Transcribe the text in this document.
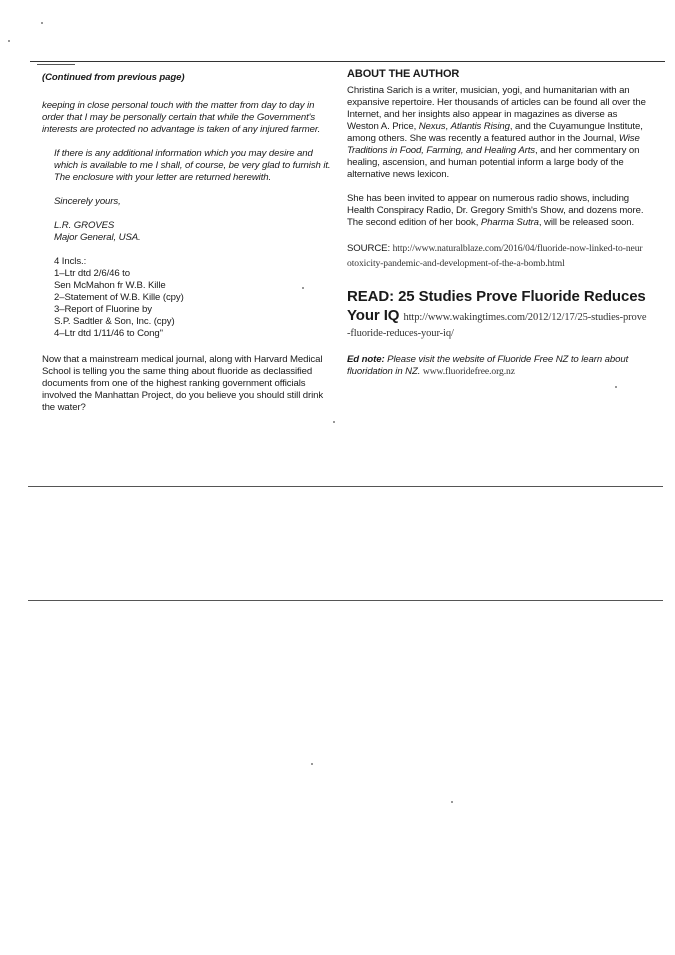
(Continued from previous page)

keeping in close personal touch with the matter from day to day in order that I may be personally certain that while the Government's interests are protected no advantage is taken of any injured farmer.

If there is any additional information which you may desire and which is available to me I shall, of course, be very glad to furnish it. The enclosure with your letter are returned herewith.

Sincerely yours,

L.R. GROVES

Major General, USA.

4 Incls.:

1–Ltr dtd 2/6/46 to

Sen McMahon fr W.B. Kille

2–Statement of W.B. Kille (cpy)

3–Report of Fluorine by

S.P. Sadtler & Son, Inc. (cpy)

4–Ltr dtd 1/11/46 to Cong"

Now that a mainstream medical journal, along with Harvard Medical School is telling you the same thing about fluoride as declassified documents from one of the highest ranking government officials involved the Manhattan Project, do you believe you should still drink the water?

ABOUT THE AUTHOR

Christina Sarich is a writer, musician, yogi, and humanitarian with an expansive repertoire. Her thousands of articles can be found all over the Internet, and her insights also appear in magazines as diverse as Weston A. Price, Nexus, Atlantis Rising, and the Cuyamungue Institute, among others. She was recently a featured author in the Journal, Wise Traditions in Food, Farming, and Healing Arts, and her commentary on healing, ascension, and human potential inform a large body of the alternative news lexicon.

She has been invited to appear on numerous radio shows, including Health Conspiracy Radio, Dr. Gregory Smith's Show, and dozens more. The second edition of her book, Pharma Sutra, will be released soon.

SOURCE: http://www.naturalblaze.com/2016/04/fluoride-now-linked-to-neurotoxicity-pandemic-and-development-of-the-a-bomb.html

READ: 25 Studies Prove Fluoride Reduces Your IQ http://www.wakingtimes.com/2012/12/17/25-studies-prove-fluoride-reduces-your-iq/

Ed note: Please visit the website of Fluoride Free NZ to learn about fluoridation in NZ. www.fluoridefree.org.nz
